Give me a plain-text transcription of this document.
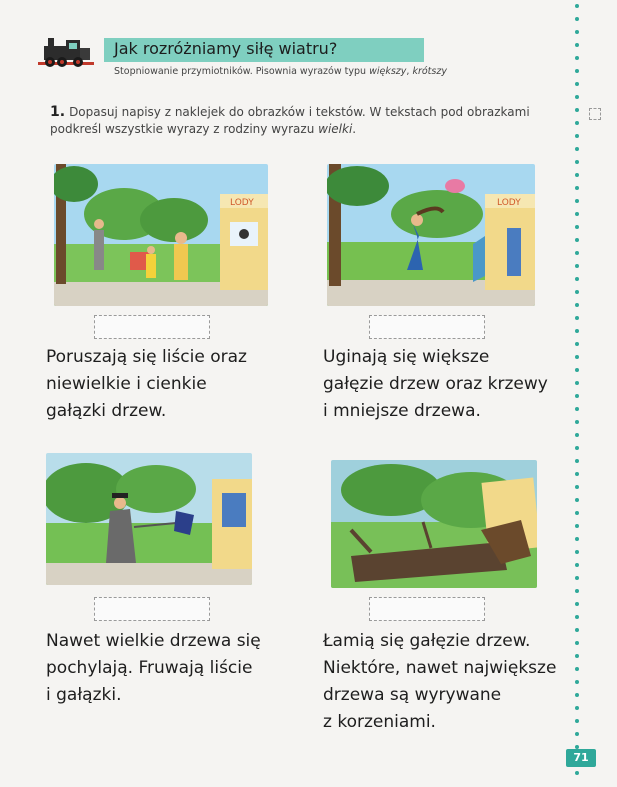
Jak rozróżniamy siłę wiatru?
Stopniowanie przymiotników. Pisownia wyrazów typu większy, krótszy
1. Dopasuj napisy z naklejek do obrazków i tekstów. W tekstach pod obrazkami podkreśl wszystkie wyrazy z rodziny wyrazu wielki.
LODY	LODY
Poruszają się liście oraz
niewielkie i cienkie
gałązki drzew.
Uginają się większe
gałęzie drzew oraz krzewy
i mniejsze drzewa.
Nawet wielkie drzewa się
pochylają. Fruwają liście
i gałązki.
Łamią się gałęzie drzew.
Niektóre, nawet największe
drzewa są wyrywane
z korzeniami.
71
